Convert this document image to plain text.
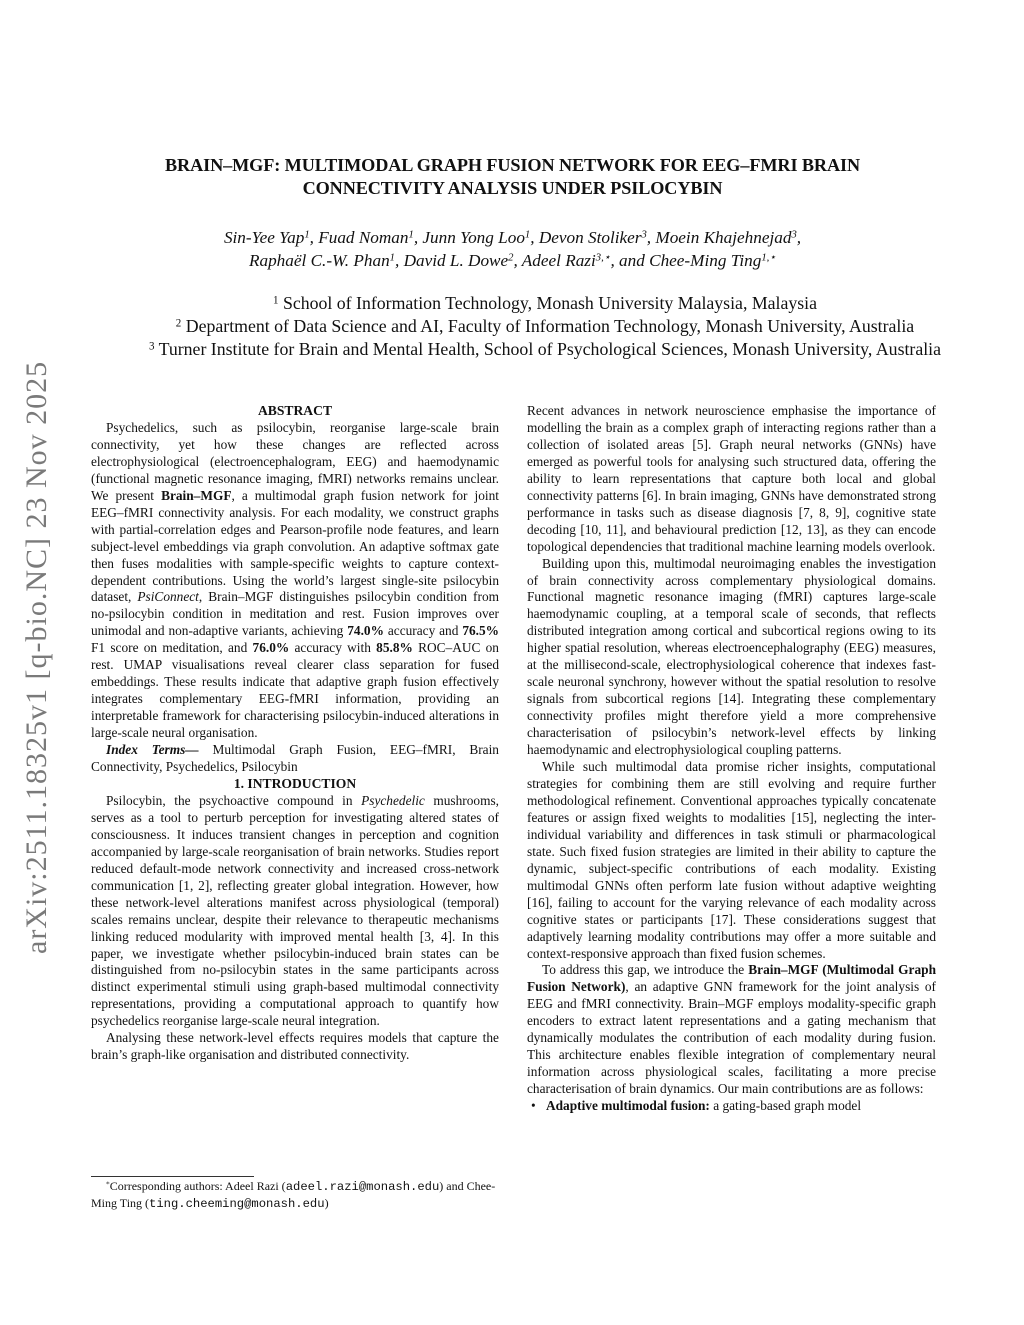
arXiv:2511.18325v1 [q-bio.NC] 23 Nov 2025
BRAIN–MGF: MULTIMODAL GRAPH FUSION NETWORK FOR EEG–FMRI BRAIN
CONNECTIVITY ANALYSIS UNDER PSILOCYBIN
Sin-Yee Yap$^1$, Fuad Noman$^1$, Junn Yong Loo$^1$, Devon Stoliker$^3$, Moein Khajehnejad$^3$,
Raphaël C.-W. Phan$^1$, David L. Dowe$^2$, Adeel Razi$^{3,⋆}$, and Chee-Ming Ting$^{1,⋆}$
$^1$ School of Information Technology, Monash University Malaysia, Malaysia
$^2$ Department of Data Science and AI, Faculty of Information Technology, Monash University, Australia
$^3$ Turner Institute for Brain and Mental Health, School of Psychological Sciences, Monash University, Australia

ABSTRACT

Psychedelics, such as psilocybin, reorganise large-scale brain connectivity, yet how these changes are reflected across electrophysiological (electroencephalogram, EEG) and haemodynamic (functional magnetic resonance imaging, fMRI) networks remains unclear. We present Brain–MGF, a multimodal graph fusion network for joint EEG–fMRI connectivity analysis. For each modality, we construct graphs with partial-correlation edges and Pearson-profile node features, and learn subject-level embeddings via graph convolution. An adaptive softmax gate then fuses modalities with sample-specific weights to capture context-dependent contributions. Using the world’s largest single-site psilocybin dataset, PsiConnect, Brain–MGF distinguishes psilocybin condition from no-psilocybin condition in meditation and rest. Fusion improves over unimodal and non-adaptive variants, achieving 74.0% accuracy and 76.5% F1 score on meditation, and 76.0% accuracy with 85.8% ROC–AUC on rest. UMAP visualisations reveal clearer class separation for fused embeddings. These results indicate that adaptive graph fusion effectively integrates complementary EEG-fMRI information, providing an interpretable framework for characterising psilocybin-induced alterations in large-scale neural organisation.

Index Terms— Multimodal Graph Fusion, EEG–fMRI, Brain Connectivity, Psychedelics, Psilocybin

1. INTRODUCTION

Psilocybin, the psychoactive compound in Psychedelic mushrooms, serves as a tool to perturb perception for investigating altered states of consciousness. It induces transient changes in perception and cognition accompanied by large-scale reorganisation of brain networks. Studies report reduced default-mode network connectivity and increased cross-network communication [1, 2], reflecting greater global integration. However, how these network-level alterations manifest across physiological (temporal) scales remains unclear, despite their relevance to therapeutic mechanisms linking reduced modularity with improved mental health [3, 4]. In this paper, we investigate whether psilocybin-induced brain states can be distinguished from no-psilocybin states in the same participants across distinct experimental stimuli using graph-based multimodal connectivity representations, providing a computational approach to quantify how psychedelics reorganise large-scale neural integration.

Analysing these network-level effects requires models that capture the brain’s graph-like organisation and distributed connectivity.

*Corresponding authors: Adeel Razi (adeel.razi@monash.edu) and Chee-Ming Ting (ting.cheeming@monash.edu)

Recent advances in network neuroscience emphasise the importance of modelling the brain as a complex graph of interacting regions rather than a collection of isolated areas [5]. Graph neural networks (GNNs) have emerged as powerful tools for analysing such structured data, offering the ability to learn representations that capture both local and global connectivity patterns [6]. In brain imaging, GNNs have demonstrated strong performance in tasks such as disease diagnosis [7, 8, 9], cognitive state decoding [10, 11], and behavioural prediction [12, 13], as they can encode topological dependencies that traditional machine learning models overlook.

Building upon this, multimodal neuroimaging enables the investigation of brain connectivity across complementary physiological domains. Functional magnetic resonance imaging (fMRI) captures large-scale haemodynamic coupling, at a temporal scale of seconds, that reflects distributed integration among cortical and subcortical regions owing to its higher spatial resolution, whereas electroencephalography (EEG) measures, at the millisecond-scale, electrophysiological coherence that indexes fast-scale neuronal synchrony, however without the spatial resolution to resolve signals from subcortical regions [14]. Integrating these complementary connectivity profiles might therefore yield a more comprehensive characterisation of psilocybin’s network-level effects by linking haemodynamic and electrophysiological coupling patterns.

While such multimodal data promise richer insights, computational strategies for combining them are still evolving and require further methodological refinement. Conventional approaches typically concatenate features or assign fixed weights to modalities [15], neglecting the inter-individual variability and differences in task stimuli or pharmacological state. Such fixed fusion strategies are limited in their ability to capture the dynamic, subject-specific contributions of each modality. Existing multimodal GNNs often perform late fusion without adaptive weighting [16], failing to account for the varying relevance of each modality across cognitive states or participants [17]. These considerations suggest that adaptively learning modality contributions may offer a more suitable and context-responsive approach than fixed fusion schemes.

To address this gap, we introduce the Brain–MGF (Multimodal Graph Fusion Network), an adaptive GNN framework for the joint analysis of EEG and fMRI connectivity. Brain–MGF employs modality-specific graph encoders to extract latent representations and a gating mechanism that dynamically modulates the contribution of each modality during fusion. This architecture enables flexible integration of complementary neural information across physiological scales, facilitating a more precise characterisation of brain dynamics. Our main contributions are as follows:

• Adaptive multimodal fusion: a gating-based graph model
